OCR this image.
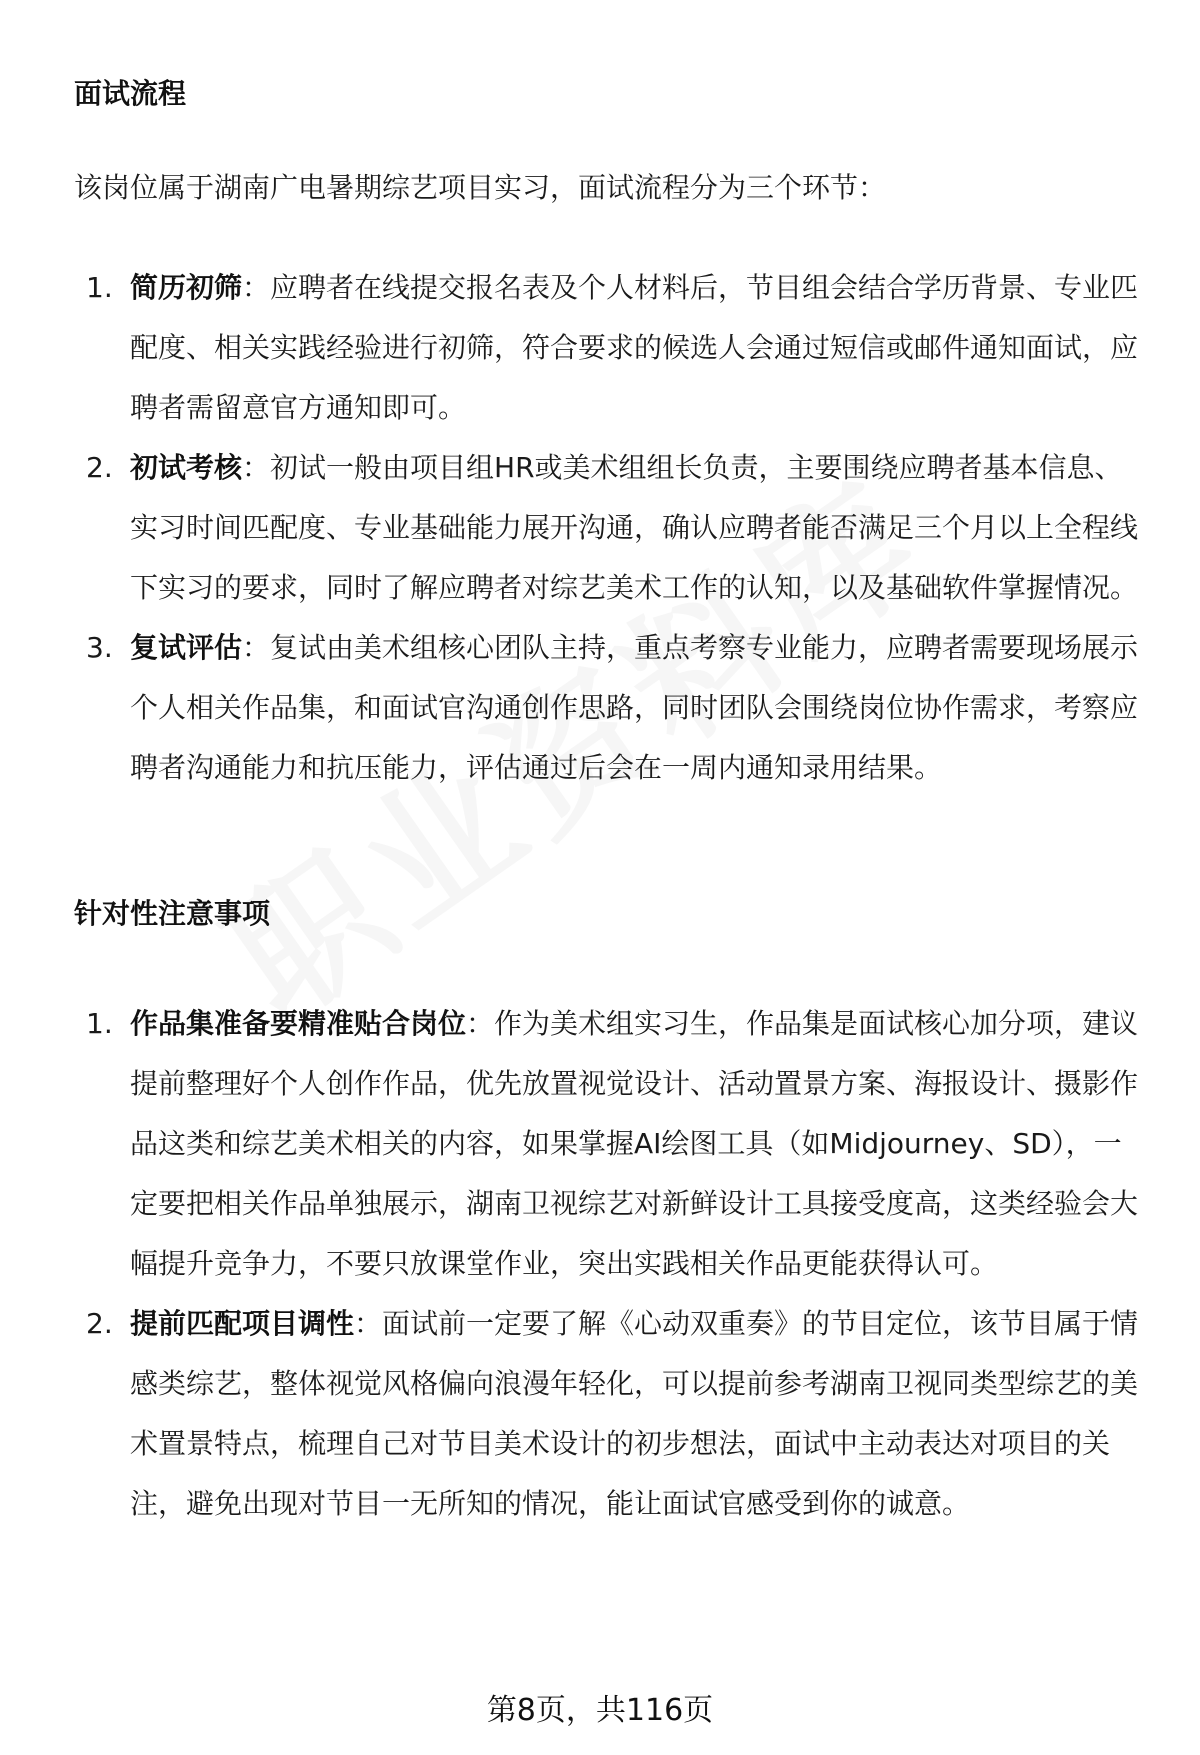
面试流程

该岗位属于湖南广电暑期综艺项目实习，面试流程分为三个环节：

1. 简历初筛：应聘者在线提交报名表及个人材料后，节目组会结合学历背景、专业匹配度、相关实践经验进行初筛，符合要求的候选人会通过短信或邮件通知面试，应聘者需留意官方通知即可。
2. 初试考核：初试一般由项目组HR或美术组组长负责，主要围绕应聘者基本信息、实习时间匹配度、专业基础能力展开沟通，确认应聘者能否满足三个月以上全程线下实习的要求，同时了解应聘者对综艺美术工作的认知，以及基础软件掌握情况。
3. 复试评估：复试由美术组核心团队主持，重点考察专业能力，应聘者需要现场展示个人相关作品集，和面试官沟通创作思路，同时团队会围绕岗位协作需求，考察应聘者沟通能力和抗压能力，评估通过后会在一周内通知录用结果。
针对性注意事项
1. 作品集准备要精准贴合岗位：作为美术组实习生，作品集是面试核心加分项，建议提前整理好个人创作作品，优先放置视觉设计、活动置景方案、海报设计、摄影作品这类和综艺美术相关的内容，如果掌握AI绘图工具（如Midjourney、SD），一定要把相关作品单独展示，湖南卫视综艺对新鲜设计工具接受度高，这类经验会大幅提升竞争力，不要只放课堂作业，突出实践相关作品更能获得认可。
2. 提前匹配项目调性：面试前一定要了解《心动双重奏》的节目定位，该节目属于情感类综艺，整体视觉风格偏向浪漫年轻化，可以提前参考湖南卫视同类型综艺的美术置景特点，梳理自己对节目美术设计的初步想法，面试中主动表达对项目的关注，避免出现对节目一无所知的情况，能让面试官感受到你的诚意。

第8页，共116页
